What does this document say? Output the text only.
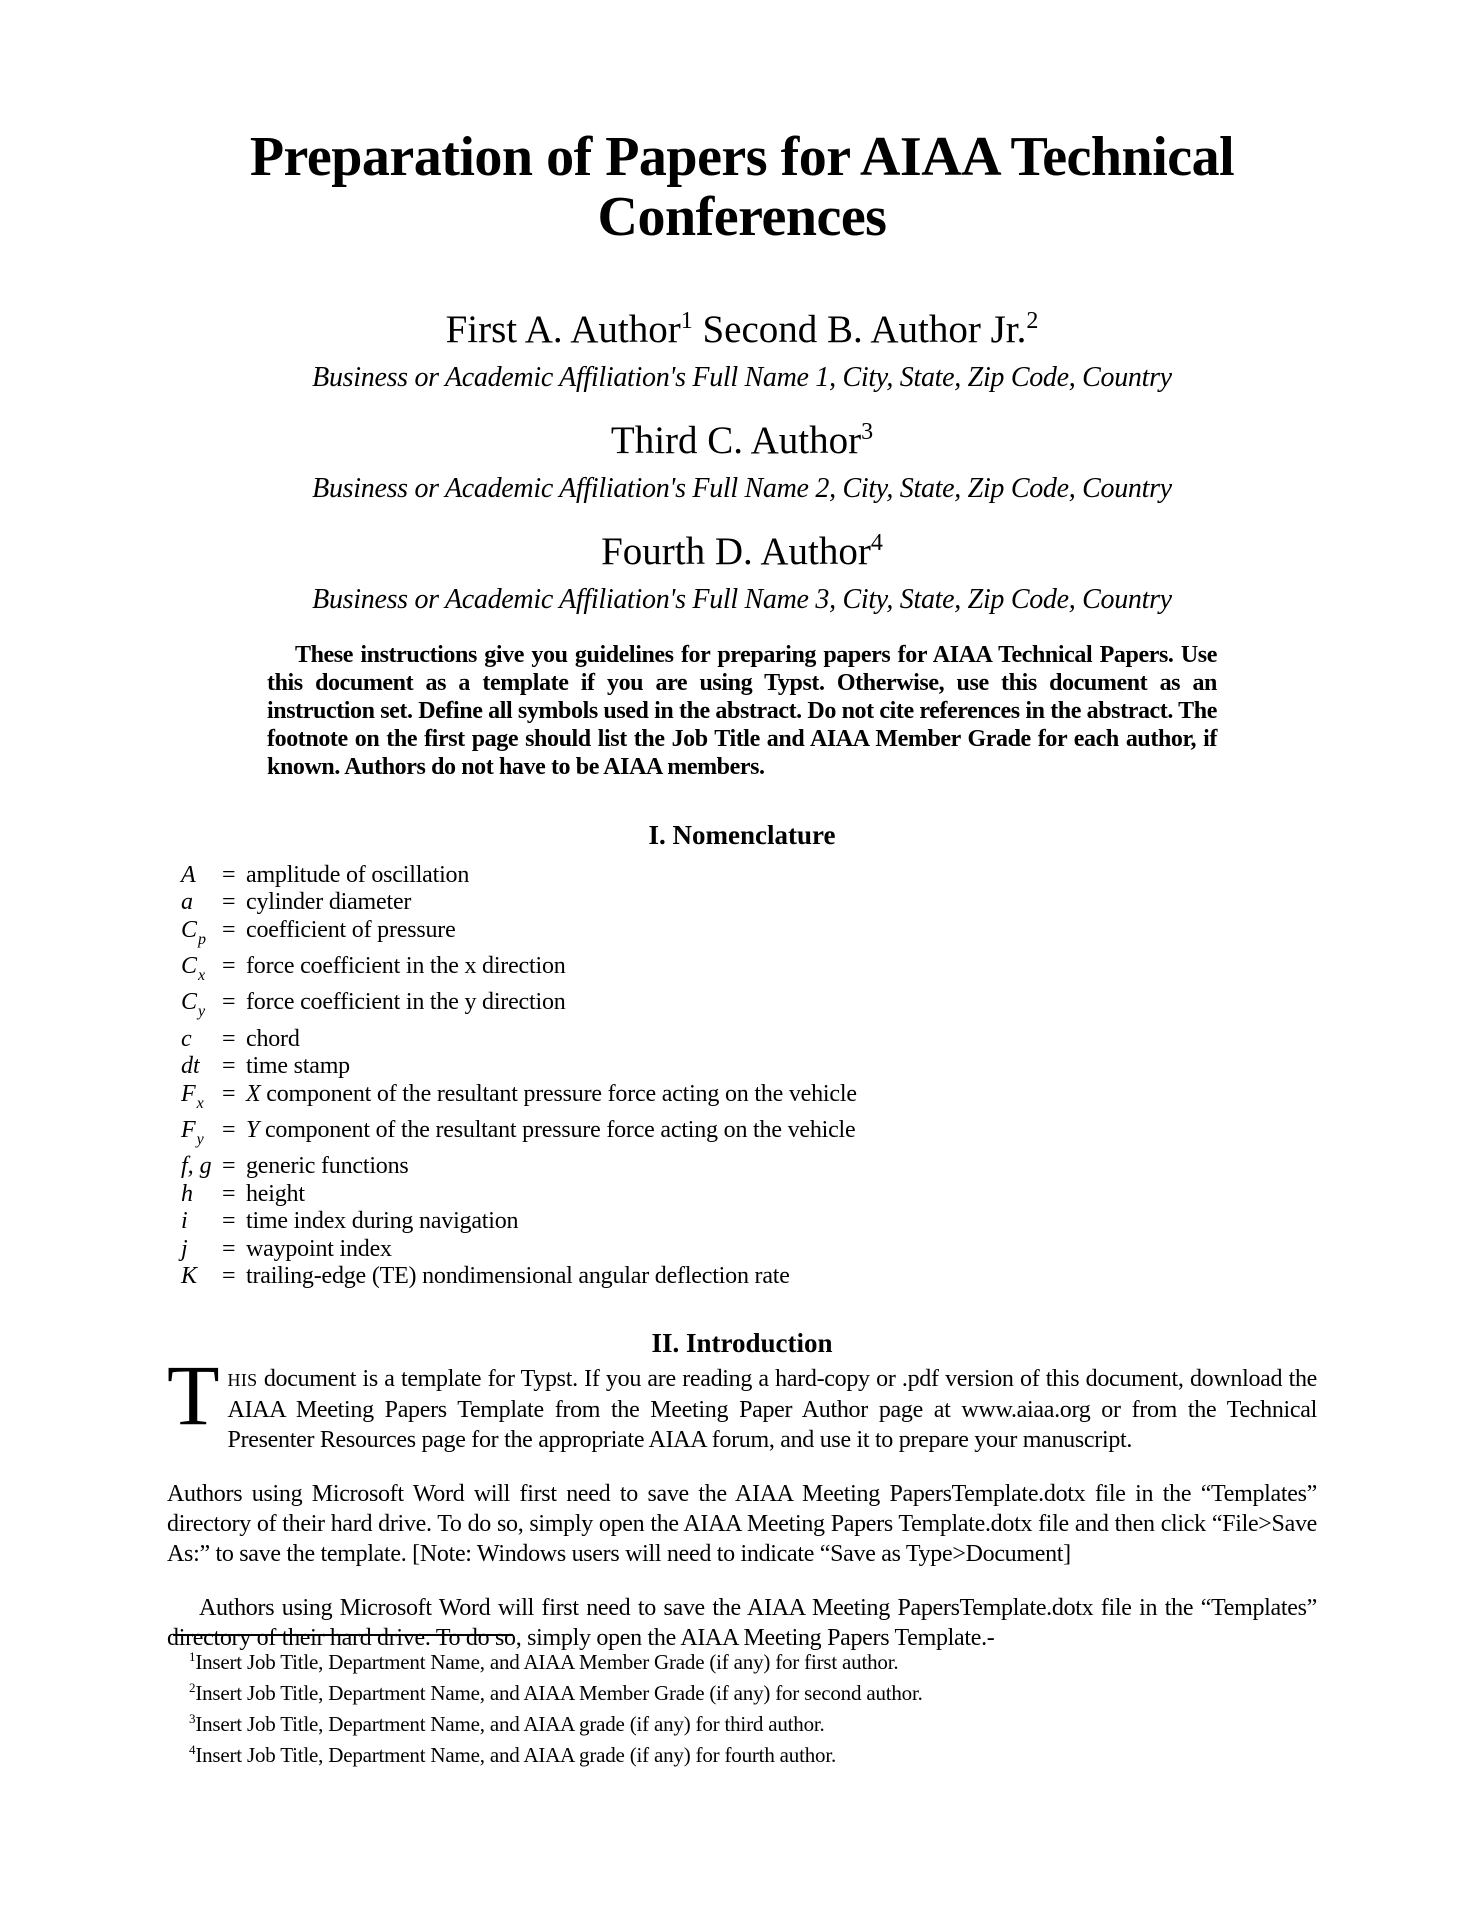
Preparation of Papers for AIAA Technical
Conferences
First A. Author$^1$ Second B. Author Jr.$^2$
Business or Academic Affiliation's Full Name 1, City, State, Zip Code, Country
Third C. Author$^3$
Business or Academic Affiliation's Full Name 2, City, State, Zip Code, Country
Fourth D. Author$^4$
Business or Academic Affiliation's Full Name 3, City, State, Zip Code, Country

These instructions give you guidelines for preparing papers for AIAA Technical Papers. Use this document as a template if you are using Typst. Otherwise, use this document as an instruction set. Define all symbols used in the abstract. Do not cite references in the abstract. The footnote on the first page should list the Job Title and AIAA Member Grade for each author, if known. Authors do not have to be AIAA members.

I. Nomenclature
A	= amplitude of oscillation
a	= cylinder diameter
$C_p$ = coefficient of pressure
$C_x$ = force coefficient in the x direction
$C_y$ = force coefficient in the y direction
c	= chord
dt = time stamp
$F_x = X$ component of the resultant pressure force acting on the vehicle
$F_y = Y$ component of the resultant pressure force acting on the vehicle
f, g = generic functions
h	= height
i	= time index during navigation
j	= waypoint index
K	= trailing-edge (TE) nondimensional angular deflection rate
II. Introduction

THIS document is a template for Typst. If you are reading a hard-copy or .pdf version of this document, download the AIAA Meeting Papers Template from the Meeting Paper Author page at www.aiaa.org or from the Technical Presenter Resources page for the appropriate AIAA forum, and use it to prepare your manuscript.

Authors using Microsoft Word will first need to save the AIAA Meeting PapersTemplate.dotx file in the “Templates” directory of their hard drive. To do so, simply open the AIAA Meeting Papers Template.dotx file and then click “File>Save As:” to save the template. [Note: Windows users will need to indicate “Save as Type>Document]

Authors using Microsoft Word will first need to save the AIAA Meeting PapersTemplate.dotx file in the “Templates” directory of their hard drive. To do so, simply open the AIAA Meeting Papers Template.-

$^1$Insert Job Title, Department Name, and AIAA Member Grade (if any) for first author.
$^2$Insert Job Title, Department Name, and AIAA Member Grade (if any) for second author.
$^3$Insert Job Title, Department Name, and AIAA grade (if any) for third author.
$^4$Insert Job Title, Department Name, and AIAA grade (if any) for fourth author.
